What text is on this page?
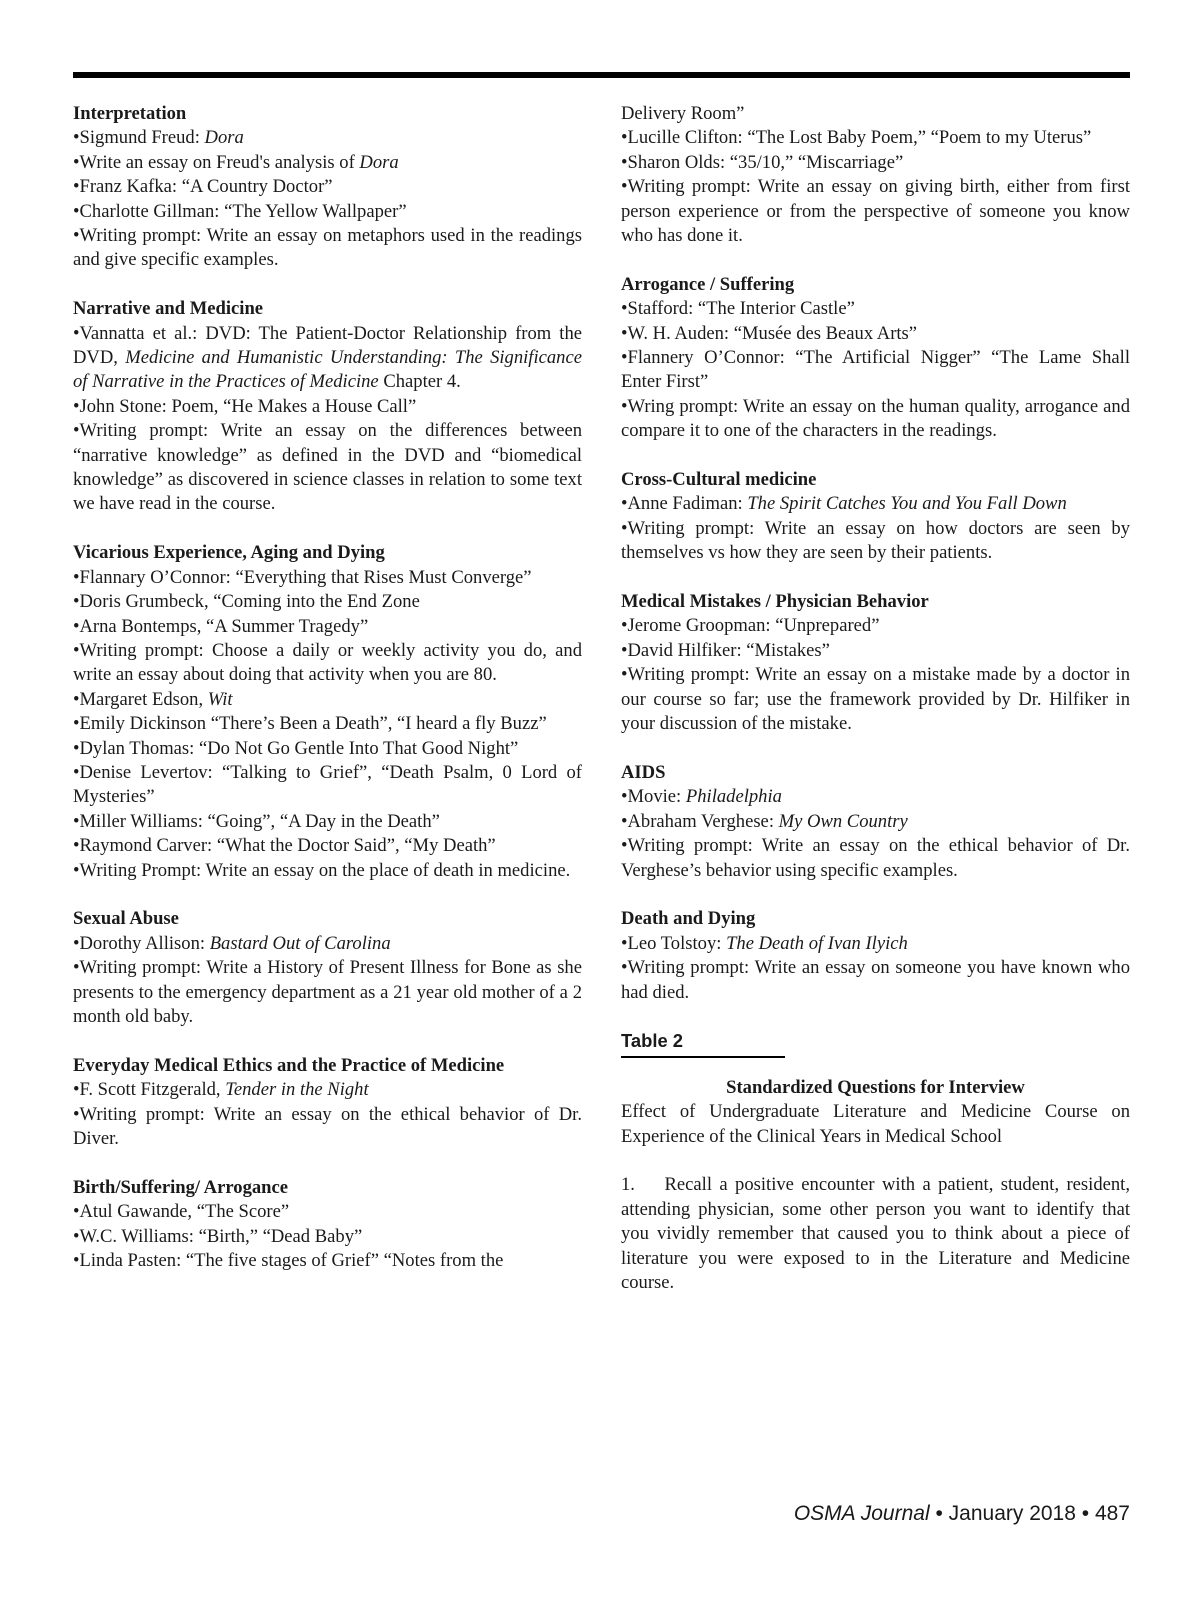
Interpretation

•Sigmund Freud: Dora

•Write an essay on Freud's analysis of Dora

•Franz Kafka: “A Country Doctor”

•Charlotte Gillman: “The Yellow Wallpaper”

•Writing prompt: Write an essay on metaphors used in the readings and give specific examples.

Narrative and Medicine

•Vannatta et al.: DVD: The Patient-Doctor Relationship from the DVD, Medicine and Humanistic Understanding: The Significance of Narrative in the Practices of Medicine Chapter 4.

•John Stone: Poem, “He Makes a House Call”

•Writing prompt: Write an essay on the differences between “narrative knowledge” as defined in the DVD and “biomedical knowledge” as discovered in science classes in relation to some text we have read in the course.

Vicarious Experience, Aging and Dying

•Flannary O’Connor: “Everything that Rises Must Converge”

•Doris Grumbeck, “Coming into the End Zone

•Arna Bontemps, “A Summer Tragedy”

•Writing prompt: Choose a daily or weekly activity you do, and write an essay about doing that activity when you are 80.

•Margaret Edson, Wit

•Emily Dickinson “There’s Been a Death”, “I heard a fly Buzz”

•Dylan Thomas: “Do Not Go Gentle Into That Good Night”

•Denise Levertov: “Talking to Grief”, “Death Psalm, 0 Lord of Mysteries”

•Miller Williams: “Going”, “A Day in the Death”

•Raymond Carver: “What the Doctor Said”, “My Death”

•Writing Prompt: Write an essay on the place of death in medicine.

Sexual Abuse

•Dorothy Allison: Bastard Out of Carolina

•Writing prompt: Write a History of Present Illness for Bone as she presents to the emergency department as a 21 year old mother of a 2 month old baby.

Everyday Medical Ethics and the Practice of Medicine

•F. Scott Fitzgerald, Tender in the Night

•Writing prompt: Write an essay on the ethical behavior of Dr. Diver.

Birth/Suffering/ Arrogance

•Atul Gawande, “The Score”

•W.C. Williams: “Birth,” “Dead Baby”

•Linda Pasten: “The five stages of Grief” “Notes from the

Delivery Room”

•Lucille Clifton: “The Lost Baby Poem,” “Poem to my Uterus”

•Sharon Olds: “35/10,” “Miscarriage”

•Writing prompt: Write an essay on giving birth, either from first person experience or from the perspective of someone you know who has done it.

Arrogance / Suffering

•Stafford: “The Interior Castle”

•W. H. Auden: “Musée des Beaux Arts”

•Flannery O’Connor: “The Artificial Nigger” “The Lame Shall Enter First”

•Wring prompt: Write an essay on the human quality, arrogance and compare it to one of the characters in the readings.

Cross-Cultural medicine

•Anne Fadiman: The Spirit Catches You and You Fall Down

•Writing prompt: Write an essay on how doctors are seen by themselves vs how they are seen by their patients.

Medical Mistakes / Physician Behavior

•Jerome Groopman: “Unprepared”

•David Hilfiker: “Mistakes”

•Writing prompt: Write an essay on a mistake made by a doctor in our course so far; use the framework provided by Dr. Hilfiker in your discussion of the mistake.

AIDS

•Movie: Philadelphia

•Abraham Verghese: My Own Country

•Writing prompt: Write an essay on the ethical behavior of Dr. Verghese’s behavior using specific examples.

Death and Dying

•Leo Tolstoy: The Death of Ivan Ilyich

•Writing prompt: Write an essay on someone you have known who had died.

Table 2

Standardized Questions for Interview

Effect of Undergraduate Literature and Medicine Course on Experience of the Clinical Years in Medical School

1. Recall a positive encounter with a patient, student, resident, attending physician, some other person you want to identify that you vividly remember that caused you to think about a piece of literature you were exposed to in the Literature and Medicine course.

OSMA Journal • January 2018 • 487
